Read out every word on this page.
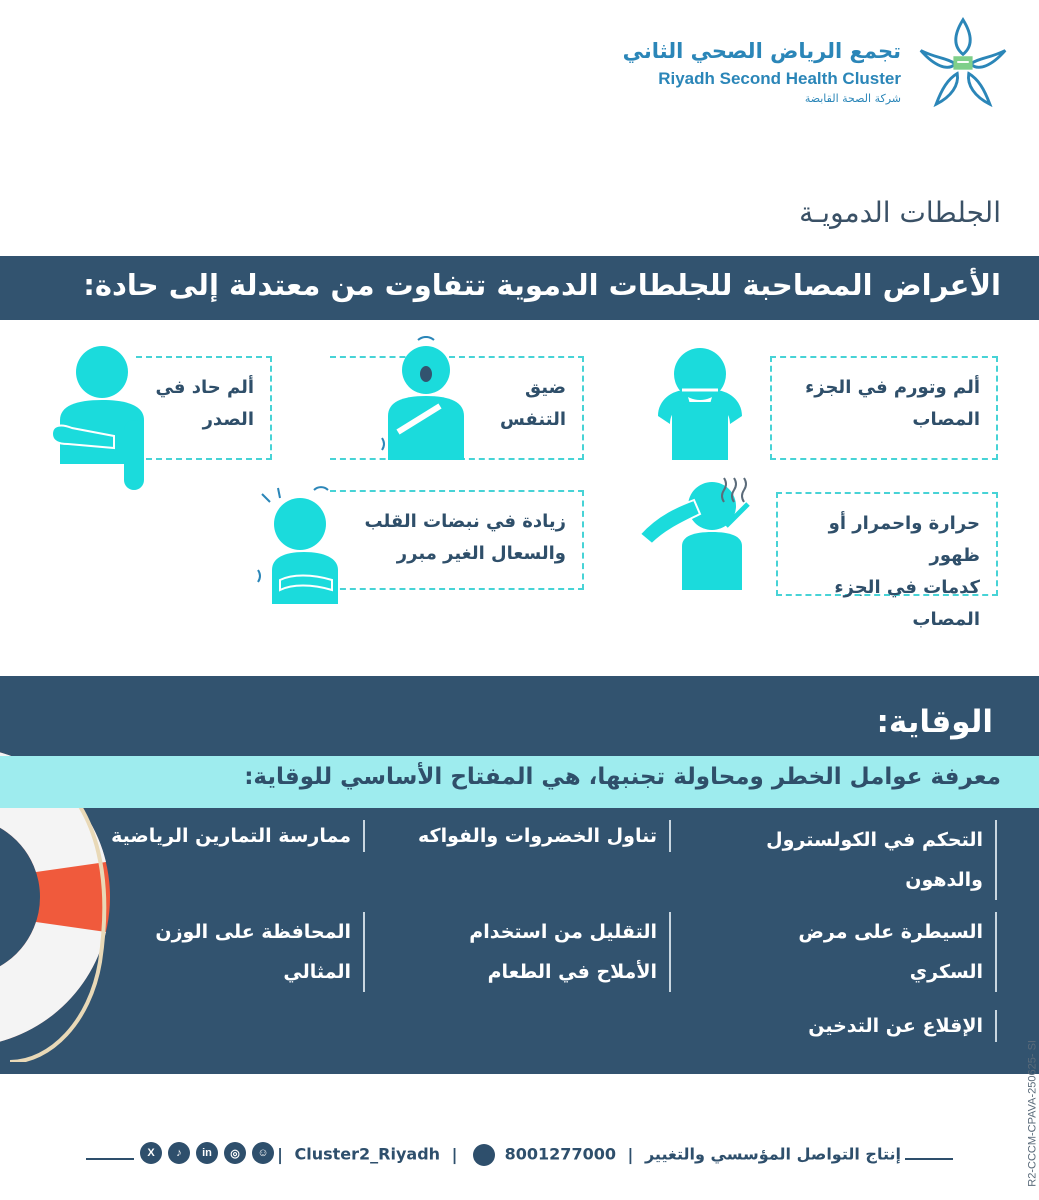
تجمع الرياض الصحي الثاني
Riyadh Second Health Cluster
شركة الصحة القابضة
الجلطات الدمويـة
الأعراض المصاحبة للجلطات الدموية تتفاوت من معتدلة إلى حادة:
ألم وتورم في الجزء
المصاب
ضيق
التنفس
ألم حاد في
الصدر
حرارة واحمرار أو ظهور
كدمات في الجزء المصاب
زيادة في نبضات القلب
والسعال الغير مبرر
الوقاية:
معرفة عوامل الخطر ومحاولة تجنبها، هي المفتاح الأساسي للوقاية:
التحكم في الكولسترول
والدهون
تناول الخضروات والفواكه
ممارسة التمارين الرياضية
السيطرة على مرض
السكري
التقليل من استخدام
الأملاح في الطعام
المحافظة على الوزن
المثالي
الإقلاع عن التدخين
R2-CCCM-CPAVA-250625- SI
إنتاج التواصل المؤسسي والتغيير | 8001277000  | Cluster2_Riyadh |
X	♪	in	◎	☺
